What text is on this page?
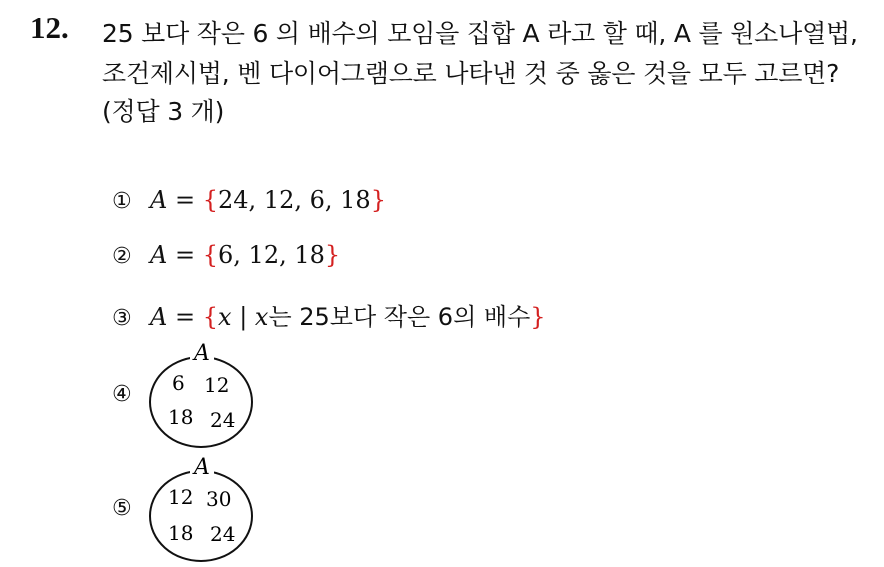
12. 25 보다 작은 6 의 배수의 모임을 집합 A 라고 할 때, A 를 원소나열법,
조건제시법, 벤 다이어그램으로 나타낸 것 중 옳은 것을 모두 고르면?
(정답 3 개)
① A = {24, 12, 6, 18}
② A = {6, 12, 18}
③ A = {x | x는 25보다 작은 6의 배수}
④
A
6 12
18 24
⑤
A
12 30
18 24
